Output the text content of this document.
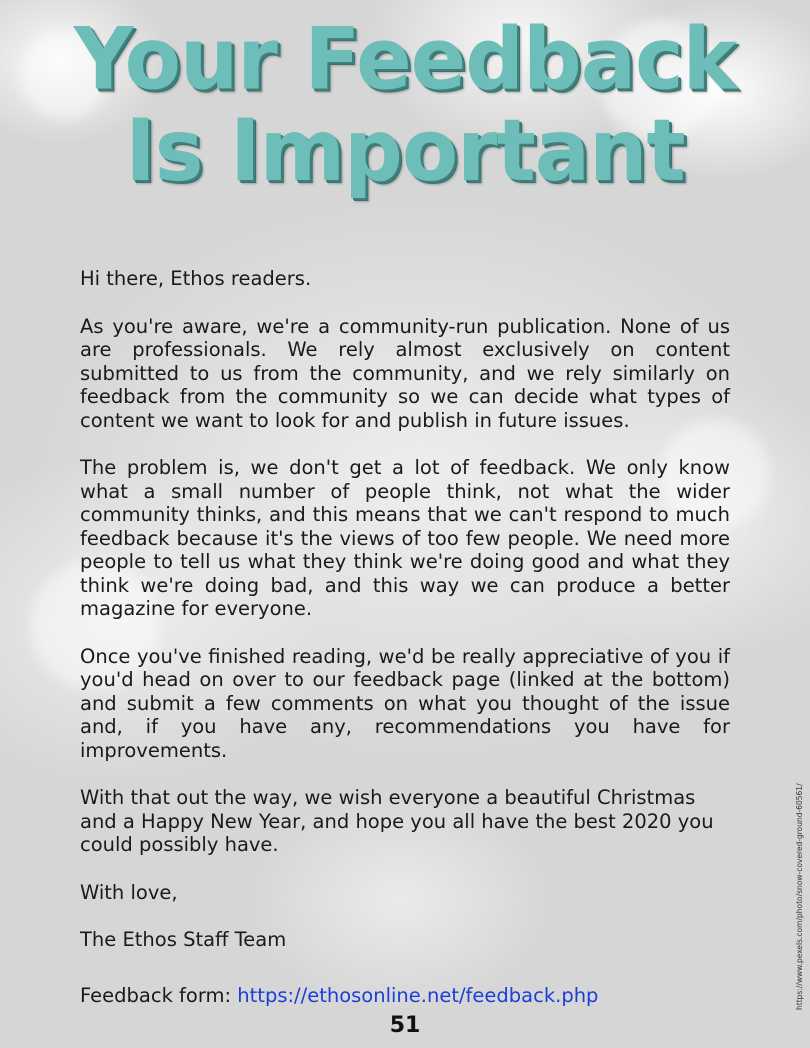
Your Feedback
Is Important

Hi there, Ethos readers.

As you're aware, we're a community-run publication. None of us are professionals. We rely almost exclusively on content submitted to us from the community, and we rely similarly on feedback from the community so we can decide what types of content we want to look for and publish in future issues.

The problem is, we don't get a lot of feedback. We only know what a small number of people think, not what the wider community thinks, and this means that we can't respond to much feedback because it's the views of too few people. We need more people to tell us what they think we're doing good and what they think we're doing bad, and this way we can produce a better magazine for everyone.

Once you've finished reading, we'd be really appreciative of you if you'd head on over to our feedback page (linked at the bottom) and submit a few comments on what you thought of the issue and, if you have any, recommendations you have for improvements.

With that out the way, we wish everyone a beautiful Christmas and a Happy New Year, and hope you all have the best 2020 you could possibly have.

With love,

The Ethos Staff Team

Feedback form: https://ethosonline.net/feedback.php
51
https://www.pexels.com/photo/snow-covered-ground-60561/
